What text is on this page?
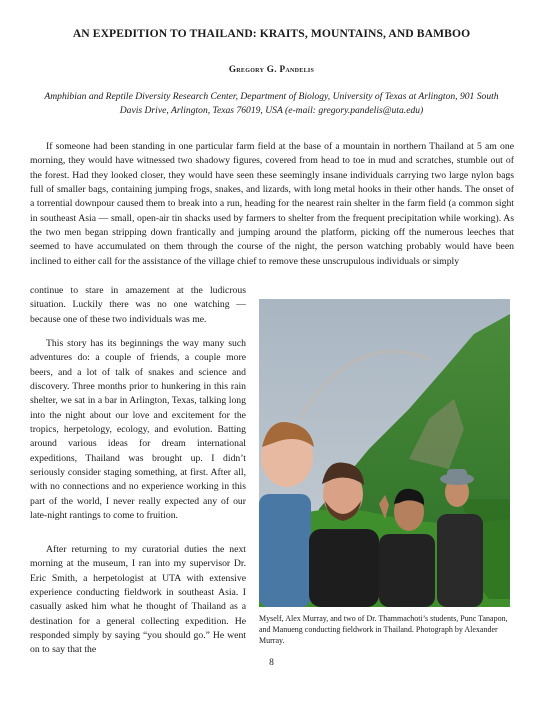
AN EXPEDITION TO THAILAND: KRAITS, MOUNTAINS, AND BAMBOO
Gregory G. Pandelis
Amphibian and Reptile Diversity Research Center, Department of Biology, University of Texas at Arlington, 901 South Davis Drive, Arlington, Texas 76019, USA (e-mail: gregory.pandelis@uta.edu)

If someone had been standing in one particular farm field at the base of a mountain in northern Thailand at 5 am one morning, they would have witnessed two shadowy figures, covered from head to toe in mud and scratches, stumble out of the forest. Had they looked closer, they would have seen these seemingly insane individuals carrying two large nylon bags full of smaller bags, containing jumping frogs, snakes, and lizards, with long metal hooks in their other hands. The onset of a torrential downpour caused them to break into a run, heading for the nearest rain shelter in the farm field (a common sight in southeast Asia — small, open-air tin shacks used by farmers to shelter from the frequent precipitation while working). As the two men began stripping down frantically and jumping around the platform, picking off the numerous leeches that seemed to have accumulated on them through the course of the night, the person watching probably would have been inclined to either call for the assistance of the village chief to remove these unscrupulous individuals or simply

continue to stare in amazement at the ludicrous situation. Luckily there was no one watching — because one of these two individuals was me.

This story has its beginnings the way many such adventures do: a couple of friends, a couple more beers, and a lot of talk of snakes and science and discovery. Three months prior to hunkering in this rain shelter, we sat in a bar in Arlington, Texas, talking long into the night about our love and excitement for the tropics, herpetology, ecology, and evolution. Batting around various ideas for dream international expeditions, Thailand was brought up. I didn’t seriously consider staging something, at first. After all, with no connections and no experience working in this part of the world, I never really expected any of our late-night rantings to come to fruition.

After returning to my curatorial duties the next morning at the museum, I ran into my supervisor Dr. Eric Smith, a herpetologist at UTA with extensive experience conducting fieldwork in southeast Asia. I casually asked him what he thought of Thailand as a destination for a general collecting expedition. He responded simply by saying “you should go.” He went on to say that the

Myself, Alex Murray, and two of Dr. Thammachoti’s students, Punc Tanapon, and Manueng conducting fieldwork in Thailand. Photograph by Alexander Murray.

8
